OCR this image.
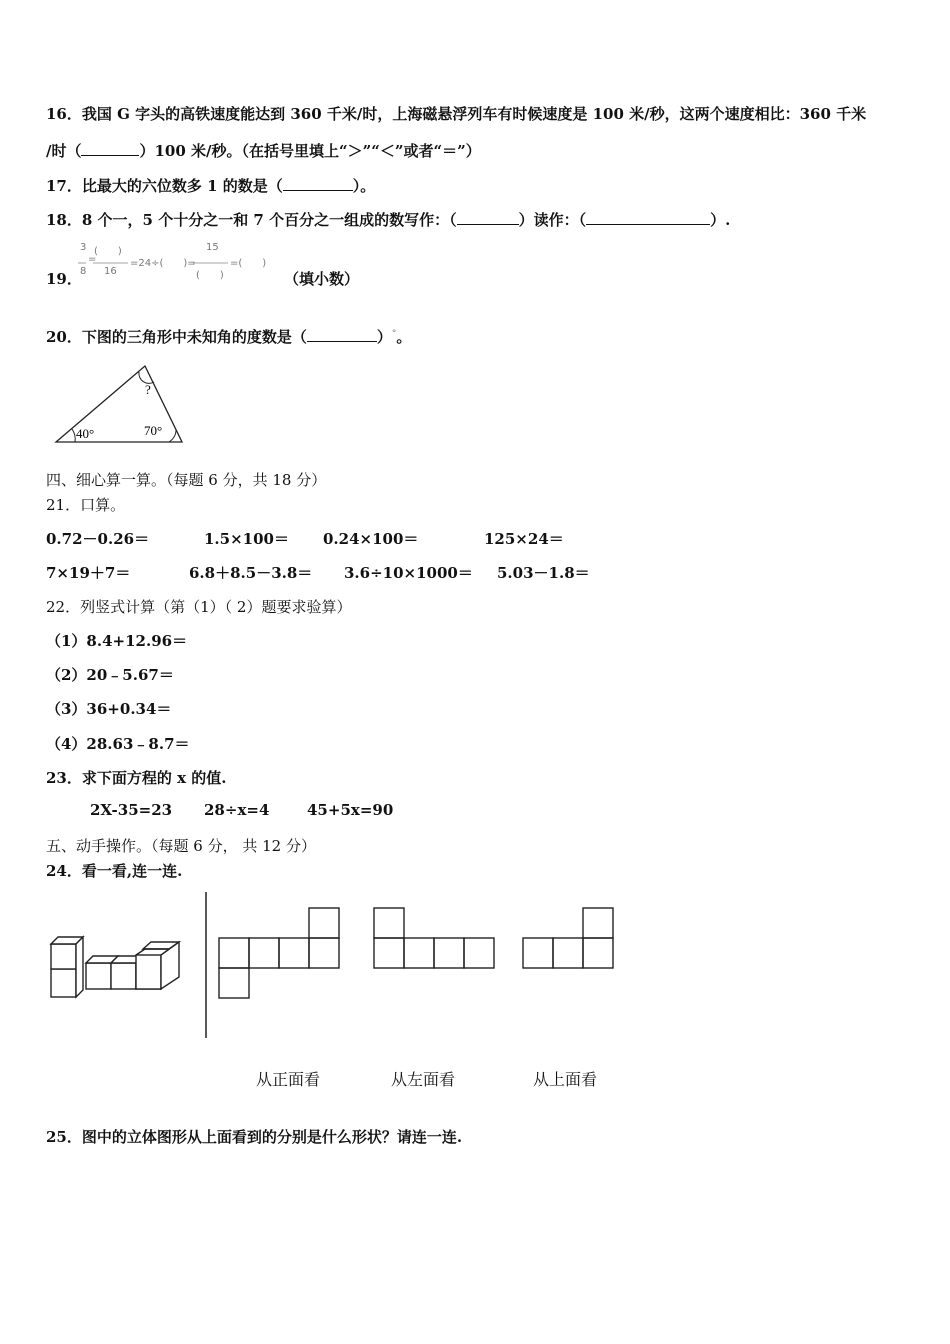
16．我国 G 字头的高铁速度能达到 360 千米/时，上海磁悬浮列车有时候速度是 100 米/秒，这两个速度相比：360 千米
/时（	）100 米/秒。（在括号里填上“＞”“＜”或者“＝”）
17．比最大的六位数多 1 的数是（	）。
18．8 个一，5 个十分之一和 7 个百分之一组成的数写作：（	）读作：（	）.
19．
3
8
=
(　　)
16
=24÷(　　)=
15
(　　)
=(　　)
（填小数）
20．下图的三角形中未知角的度数是（	）°。
40°	70°
?
四、细心算一算。（每题 6 分，共 18 分）
21．口算。
0.72－0.26＝	1.5×100＝ 0.24×100＝	125×24＝
7×19＋7＝	6.8＋8.5－3.8＝ 3.6÷10×1000＝ 5.03－1.8＝
22．列竖式计算（第（1）（ 2）题要求验算）
（1）8.4+12.96＝
（2）20﹣5.67＝
（3）36+0.34＝
（4）28.63﹣8.7＝
23．求下面方程的 x 的值.
2X-35=23 28÷x=4	45+5x=90
五、动手操作。（每题 6 分， 共 12 分）
24．看一看,连一连.
从正面看	从左面看	从上面看
25．图中的立体图形从上面看到的分别是什么形状？请连一连.
